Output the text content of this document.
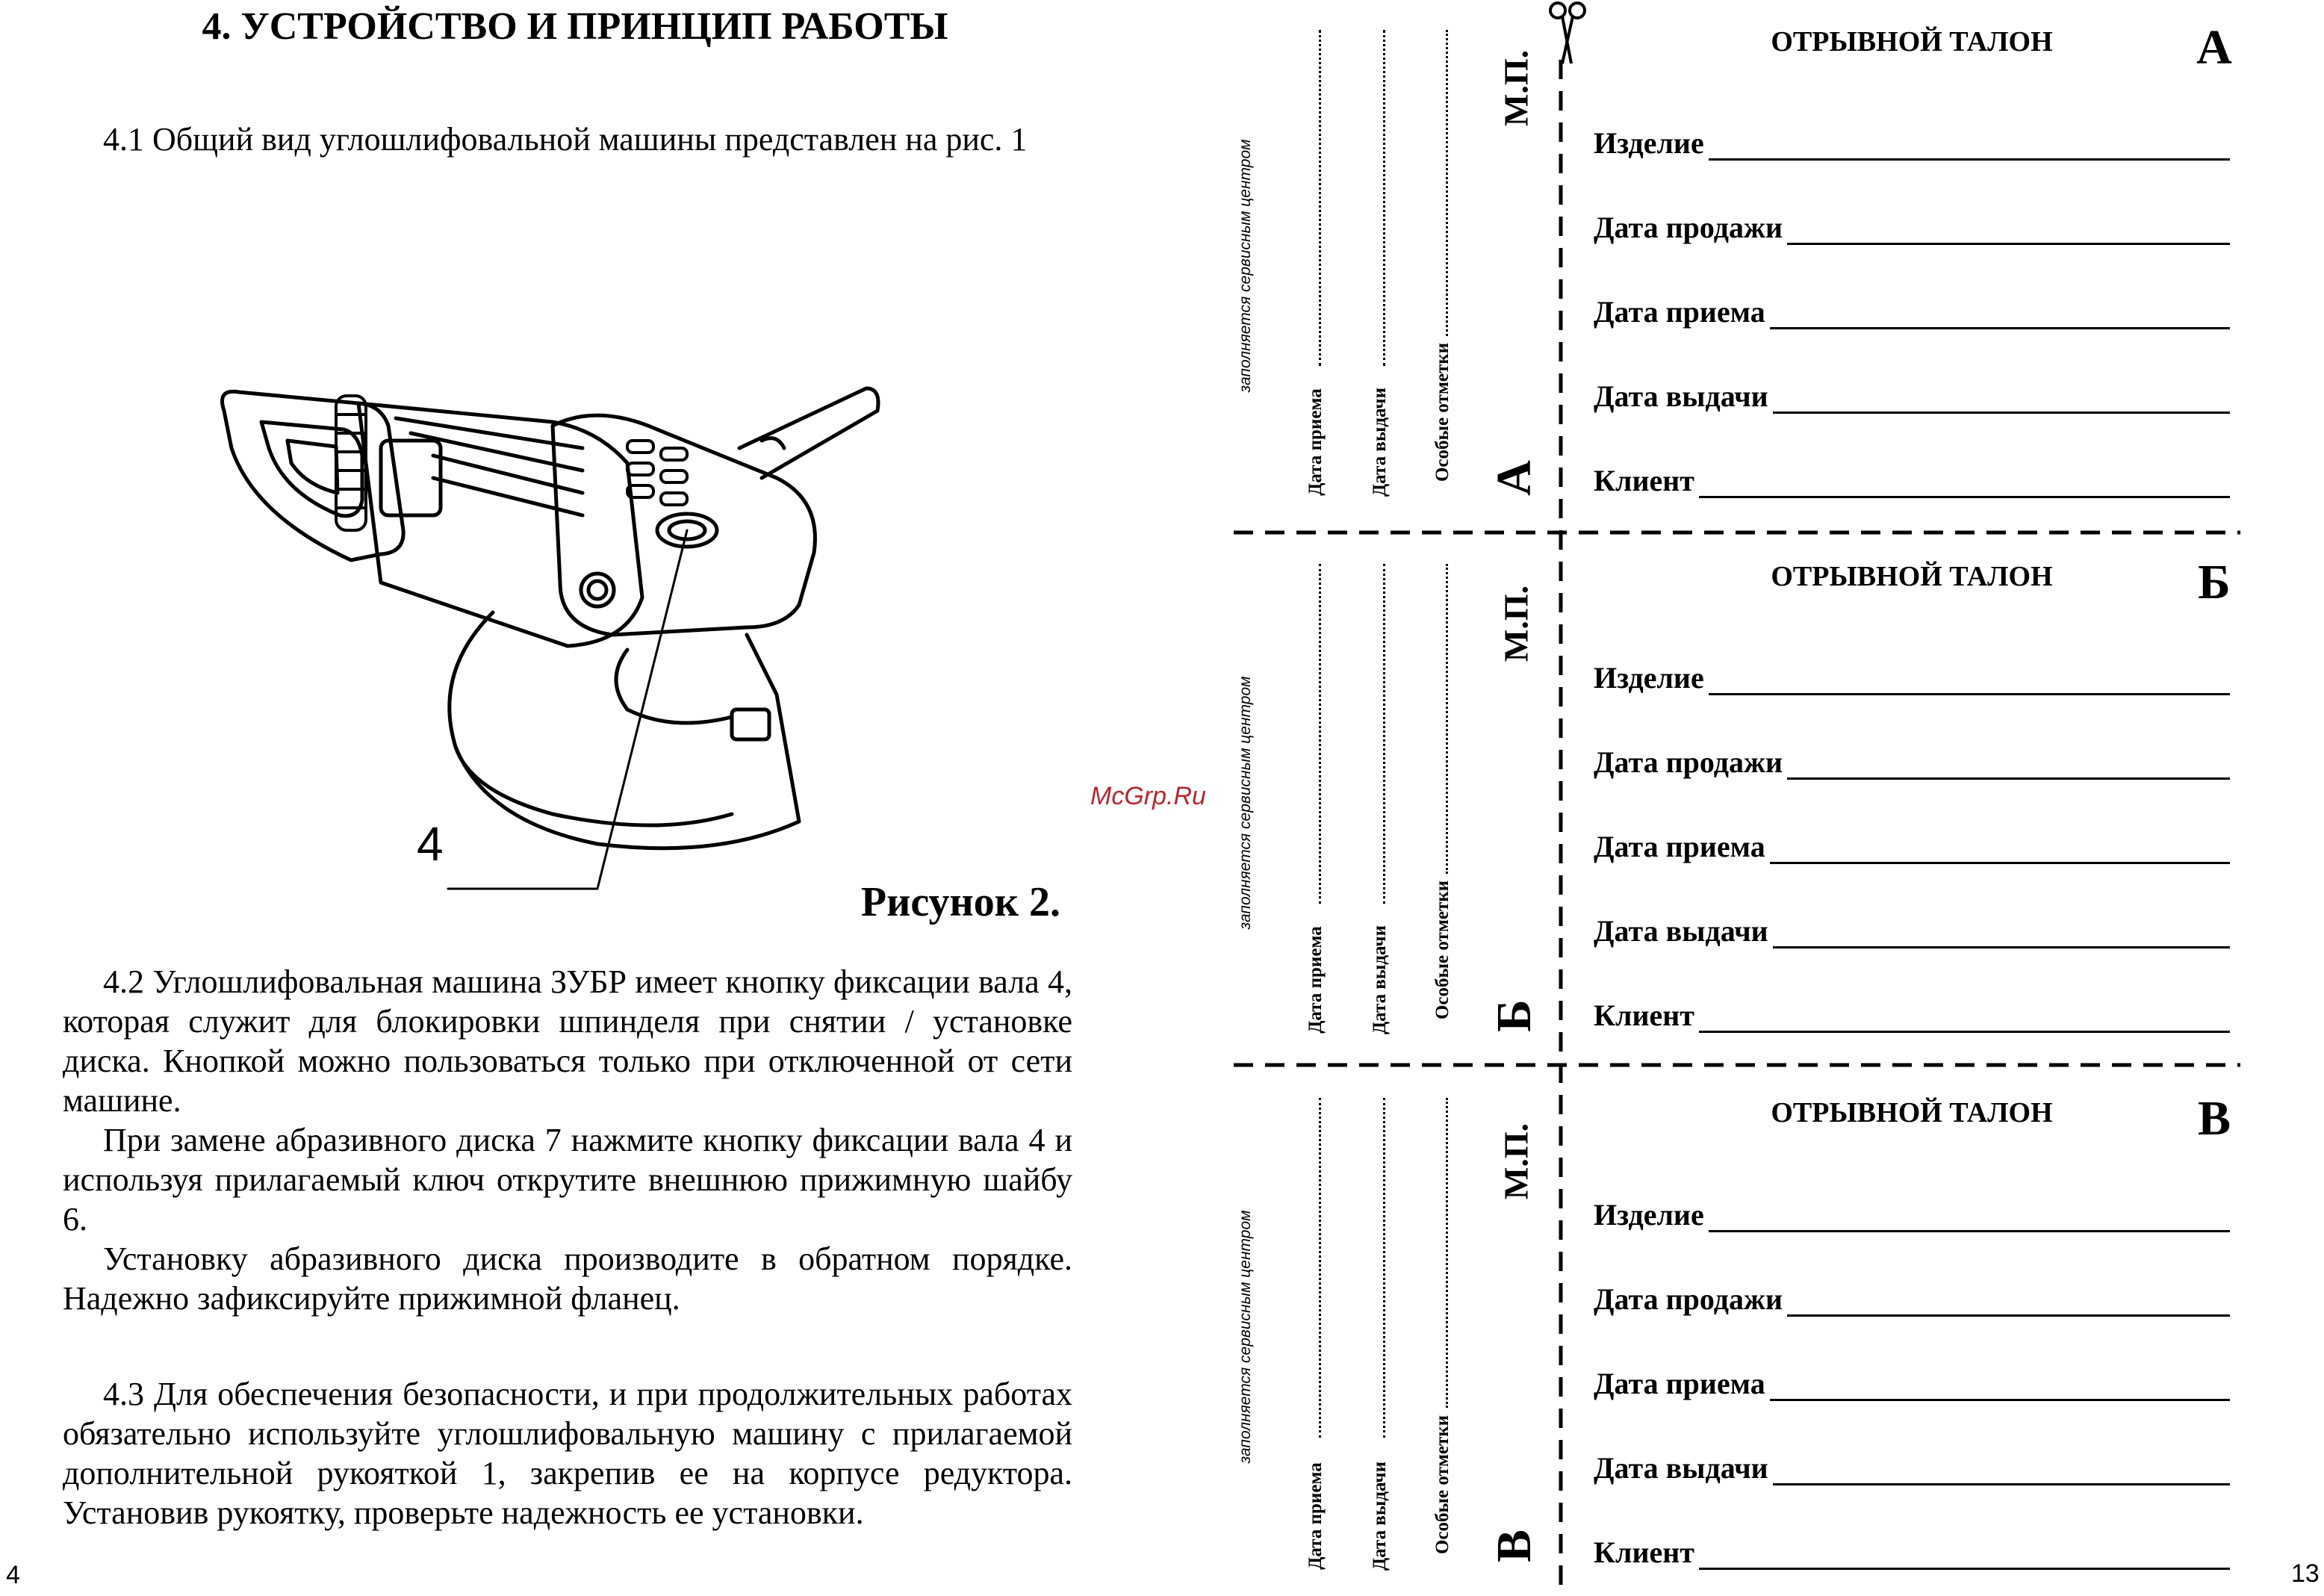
4. УСТРОЙСТВО И ПРИНЦИП РАБОТЫ

4.1 Общий вид углошлифовальной машины представлен на рис. 1

4
Рисунок 2.

4.2 Углошлифовальная машина ЗУБР имеет кнопку фиксации вала 4, которая служит для блокировки шпинделя при снятии / установке диска. Кнопкой можно пользоваться только при отключенной от сети машине.

При замене абразивного диска 7 нажмите кнопку фиксации вала 4 и используя прилагаемый ключ открутите внешнюю прижимную шайбу 6.

Установку абразивного диска производите в обратном порядке. Надежно зафиксируйте прижимной фланец.

4.3 Для обеспечения безопасности, и при продолжительных работах обязательно используйте углошлифовальную машину с прилагаемой дополнительной рукояткой 1, закрепив ее на корпусе редуктора. Установив рукоятку, проверьте надежность ее установки.

4
McGrp.Ru
заполняется сервисным центром
Дата приема Дата выдачи Особые отметки
М.П.
А
заполняется сервисным центром
Дата приема Дата выдачи Особые отметки
М.П.
Б
заполняется сервисным центром
Дата приема Дата выдачи Особые отметки
М.П.
В
ОТРЫВНОЙ ТАЛОН	А
Изделие
Дата продажи
Дата приема
Дата выдачи
Клиент
ОТРЫВНОЙ ТАЛОН	Б
Изделие
Дата продажи
Дата приема
Дата выдачи
Клиент
ОТРЫВНОЙ ТАЛОН	В
Изделие
Дата продажи
Дата приема
Дата выдачи
Клиент
13
